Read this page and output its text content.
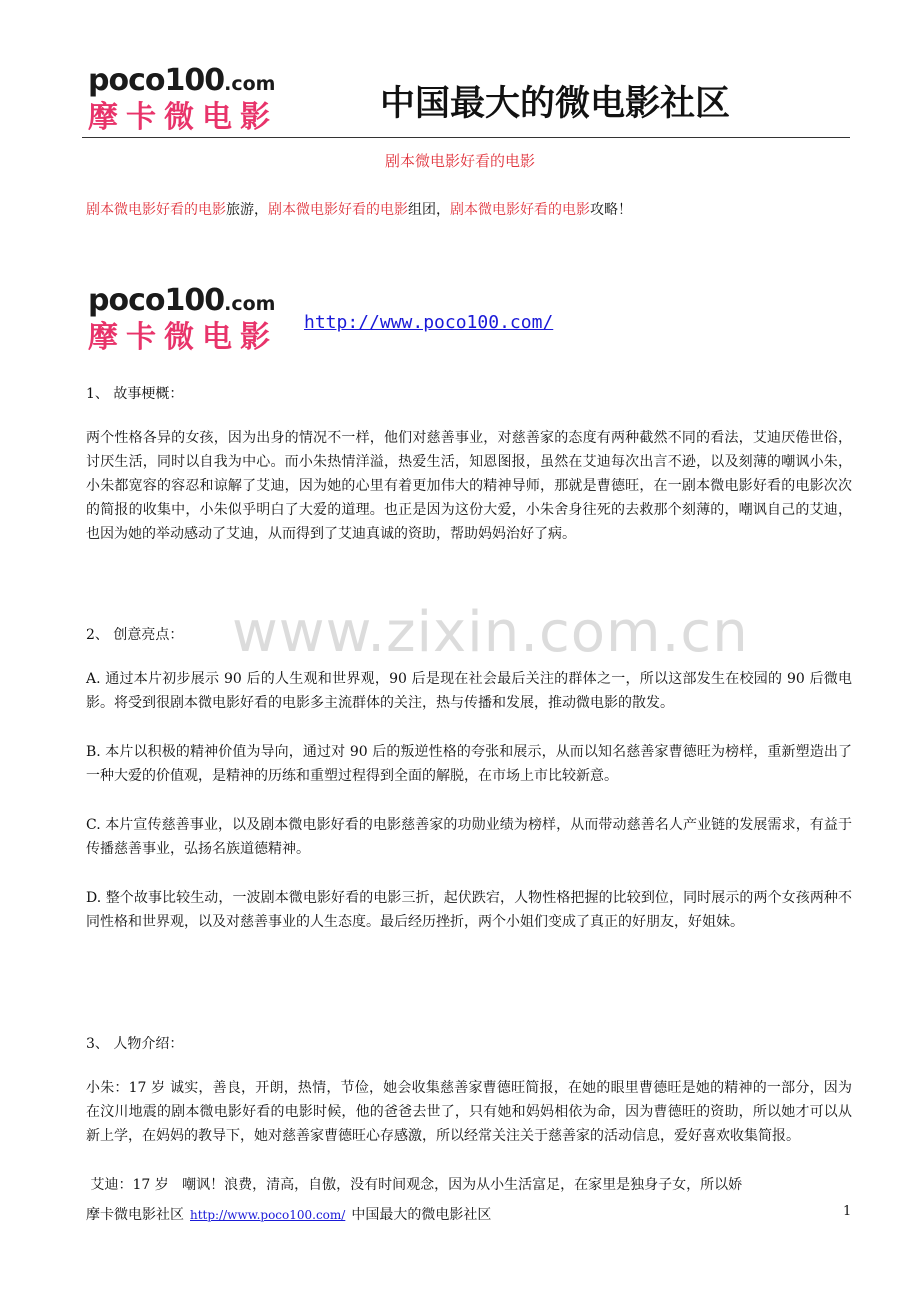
poco100.com
摩卡微电影	中国最大的微电影社区
剧本微电影好看的电影
剧本微电影好看的电影旅游，剧本微电影好看的电影组团，剧本微电影好看的电影攻略！
poco100.com
摩卡微电影	http://www.poco100.com/
1、 故事梗概：
两个性格各异的女孩，因为出身的情况不一样，他们对慈善事业，对慈善家的态度有两种截然不同的看法，艾迪厌倦世俗，讨厌生活，同时以自我为中心。而小朱热情洋溢，热爱生活，知恩图报，虽然在艾迪每次出言不逊，以及刻薄的嘲讽小朱，小朱都宽容的容忍和谅解了艾迪，因为她的心里有着更加伟大的精神导师，那就是曹德旺，在一剧本微电影好看的电影次次的简报的收集中，小朱似乎明白了大爱的道理。也正是因为这份大爱，小朱舍身往死的去救那个刻薄的，嘲讽自己的艾迪，也因为她的举动感动了艾迪，从而得到了艾迪真诚的资助，帮助妈妈治好了病。
www.zixin.com.cn
2、 创意亮点：
A. 通过本片初步展示 90 后的人生观和世界观，90 后是现在社会最后关注的群体之一，所以这部发生在校园的 90 后微电影。将受到很剧本微电影好看的电影多主流群体的关注，热与传播和发展，推动微电影的散发。
B. 本片以积极的精神价值为导向，通过对 90 后的叛逆性格的夸张和展示，从而以知名慈善家曹德旺为榜样，重新塑造出了一种大爱的价值观，是精神的历练和重塑过程得到全面的解脱，在市场上市比较新意。
C. 本片宣传慈善事业，以及剧本微电影好看的电影慈善家的功勋业绩为榜样，从而带动慈善名人产业链的发展需求，有益于传播慈善事业，弘扬名族道德精神。
D. 整个故事比较生动，一波剧本微电影好看的电影三折，起伏跌宕，人物性格把握的比较到位，同时展示的两个女孩两种不同性格和世界观，以及对慈善事业的人生态度。最后经历挫折，两个小姐们变成了真正的好朋友，好姐妹。
3、 人物介绍：
小朱：17 岁 诚实，善良，开朗，热情，节俭，她会收集慈善家曹德旺简报，在她的眼里曹德旺是她的精神的一部分，因为在汶川地震的剧本微电影好看的电影时候，他的爸爸去世了，只有她和妈妈相依为命，因为曹德旺的资助，所以她才可以从新上学，在妈妈的教导下，她对慈善家曹德旺心存感激，所以经常关注关于慈善家的活动信息，爱好喜欢收集简报。
艾迪：17 岁   嘲讽！浪费，清高，自傲，没有时间观念，因为从小生活富足，在家里是独身子女，所以娇
摩卡微电影社区 http://www.poco100.com/ 中国最大的微电影社区	1
